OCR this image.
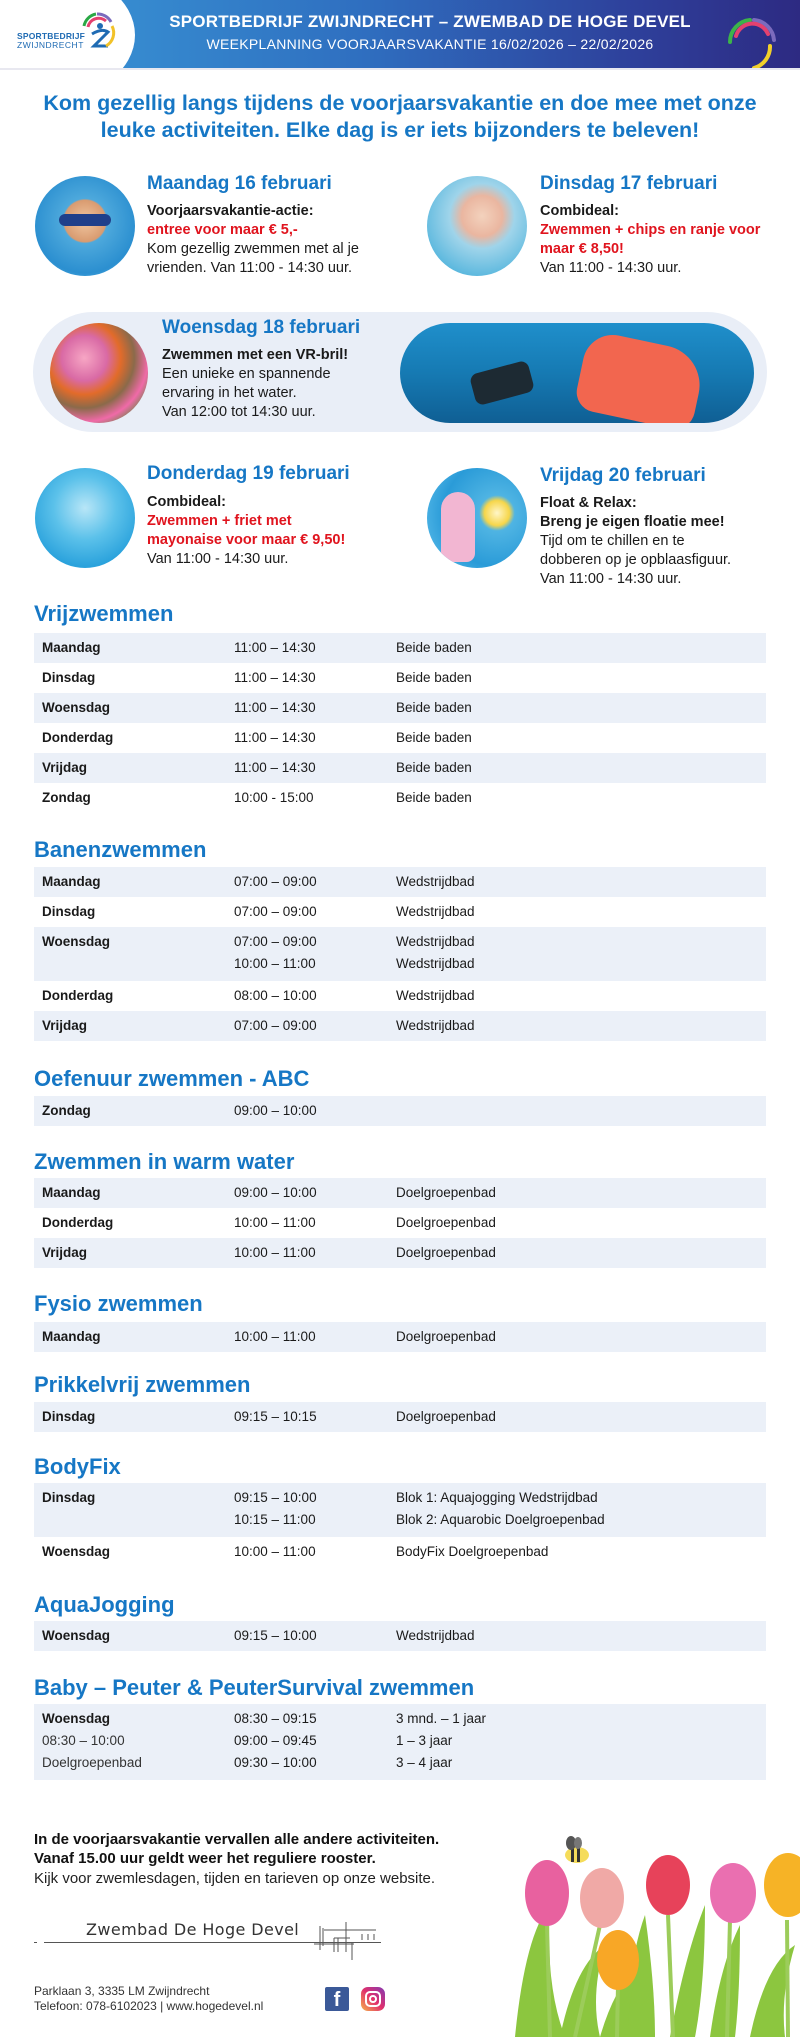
SPORTBEDRIJF
ZWIJNDRECHT
SPORTBEDRIJF ZWIJNDRECHT – ZWEMBAD DE HOGE DEVEL
WEEKPLANNING VOORJAARSVAKANTIE 16/02/2026 – 22/02/2026
Kom gezellig langs tijdens de voorjaarsvakantie en doe mee met onze leuke activiteiten. Elke dag is er iets bijzonders te beleven!
Maandag 16 februari
Voorjaarsvakantie-actie:
entree voor maar € 5,-
Kom gezellig zwemmen met al je vrienden. Van 11:00 - 14:30 uur.
Dinsdag 17 februari
Combideal:
Zwemmen + chips en ranje voor maar € 8,50!
Van 11:00 - 14:30 uur.
Woensdag 18 februari
Zwemmen met een VR-bril!
Een unieke en spannende
ervaring in het water.
Van 12:00 tot 14:30 uur.
Donderdag 19 februari
Combideal:
Zwemmen + friet met
mayonaise voor maar € 9,50!
Van 11:00 - 14:30 uur.
Vrijdag 20 februari
Float & Relax:
Breng je eigen floatie mee!
Tijd om te chillen en te
dobberen op je opblaasfiguur.
Van 11:00 - 14:30 uur.
Vrijzwemmen
Maandag	11:00 – 14:30	Beide baden
Dinsdag	11:00 – 14:30	Beide baden
Woensdag	11:00 – 14:30	Beide baden
Donderdag	11:00 – 14:30	Beide baden
Vrijdag	11:00 – 14:30	Beide baden
Zondag	10:00 - 15:00	Beide baden
Banenzwemmen
Maandag	07:00 – 09:00	Wedstrijdbad
Dinsdag	07:00 – 09:00	Wedstrijdbad
Woensdag	07:00 – 09:00	Wedstrijdbad
10:00 – 11:00	Wedstrijdbad
Donderdag	08:00 – 10:00	Wedstrijdbad
Vrijdag	07:00 – 09:00	Wedstrijdbad
Oefenuur zwemmen - ABC
Zondag	09:00 – 10:00
Zwemmen in warm water
Maandag	09:00 – 10:00	Doelgroepenbad
Donderdag	10:00 – 11:00	Doelgroepenbad
Vrijdag	10:00 – 11:00	Doelgroepenbad
Fysio zwemmen
Maandag	10:00 – 11:00	Doelgroepenbad
Prikkelvrij zwemmen
Dinsdag	09:15 – 10:15	Doelgroepenbad
BodyFix
Dinsdag	09:15 – 10:00	Blok 1: Aquajogging Wedstrijdbad
10:15 – 11:00	Blok 2: Aquarobic Doelgroepenbad
Woensdag	10:00 – 11:00	BodyFix Doelgroepenbad
AquaJogging
Woensdag	09:15 – 10:00	Wedstrijdbad
Baby – Peuter & PeuterSurvival zwemmen
Woensdag
08:30 – 10:00
Doelgroepenbad
08:30 – 09:15	3 mnd. – 1 jaar
09:00 – 09:45	1 – 3 jaar
09:30 – 10:00	3 – 4 jaar
In de voorjaarsvakantie vervallen alle andere activiteiten.
Vanaf 15.00 uur geldt weer het reguliere rooster.
Kijk voor zwemlesdagen, tijden en tarieven op onze website.
Zwembad De Hoge Devel
Parklaan 3, 3335 LM Zwijndrecht
Telefoon: 078-6102023 | www.hogedevel.nl	f
